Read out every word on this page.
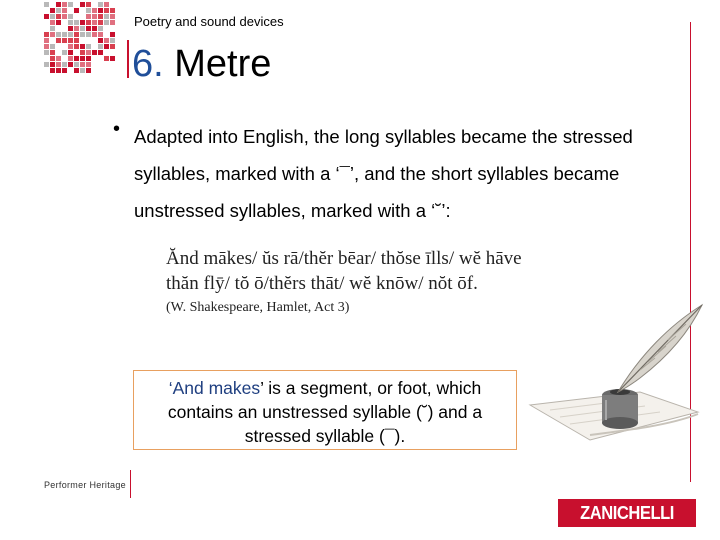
Poetry and sound devices
6. Metre
• Adapted into English, the long syllables became the stressed syllables, marked with a ‘¯’, and the short syllables became unstressed syllables, marked with a ‘˘’:
Ănd mākes/ ŭs rā/thĕr bēar/ thŏse īlls/ wĕ hāve
thăn flȳ/ tŏ ō/thĕrs thāt/ wĕ knōw/ nŏt ōf.
(W. Shakespeare, Hamlet, Act 3)
‘And makes’ is a segment, or foot, which
contains an unstressed syllable (˘) and a
stressed syllable (¯).
Performer Heritage
ZANICHELLI
